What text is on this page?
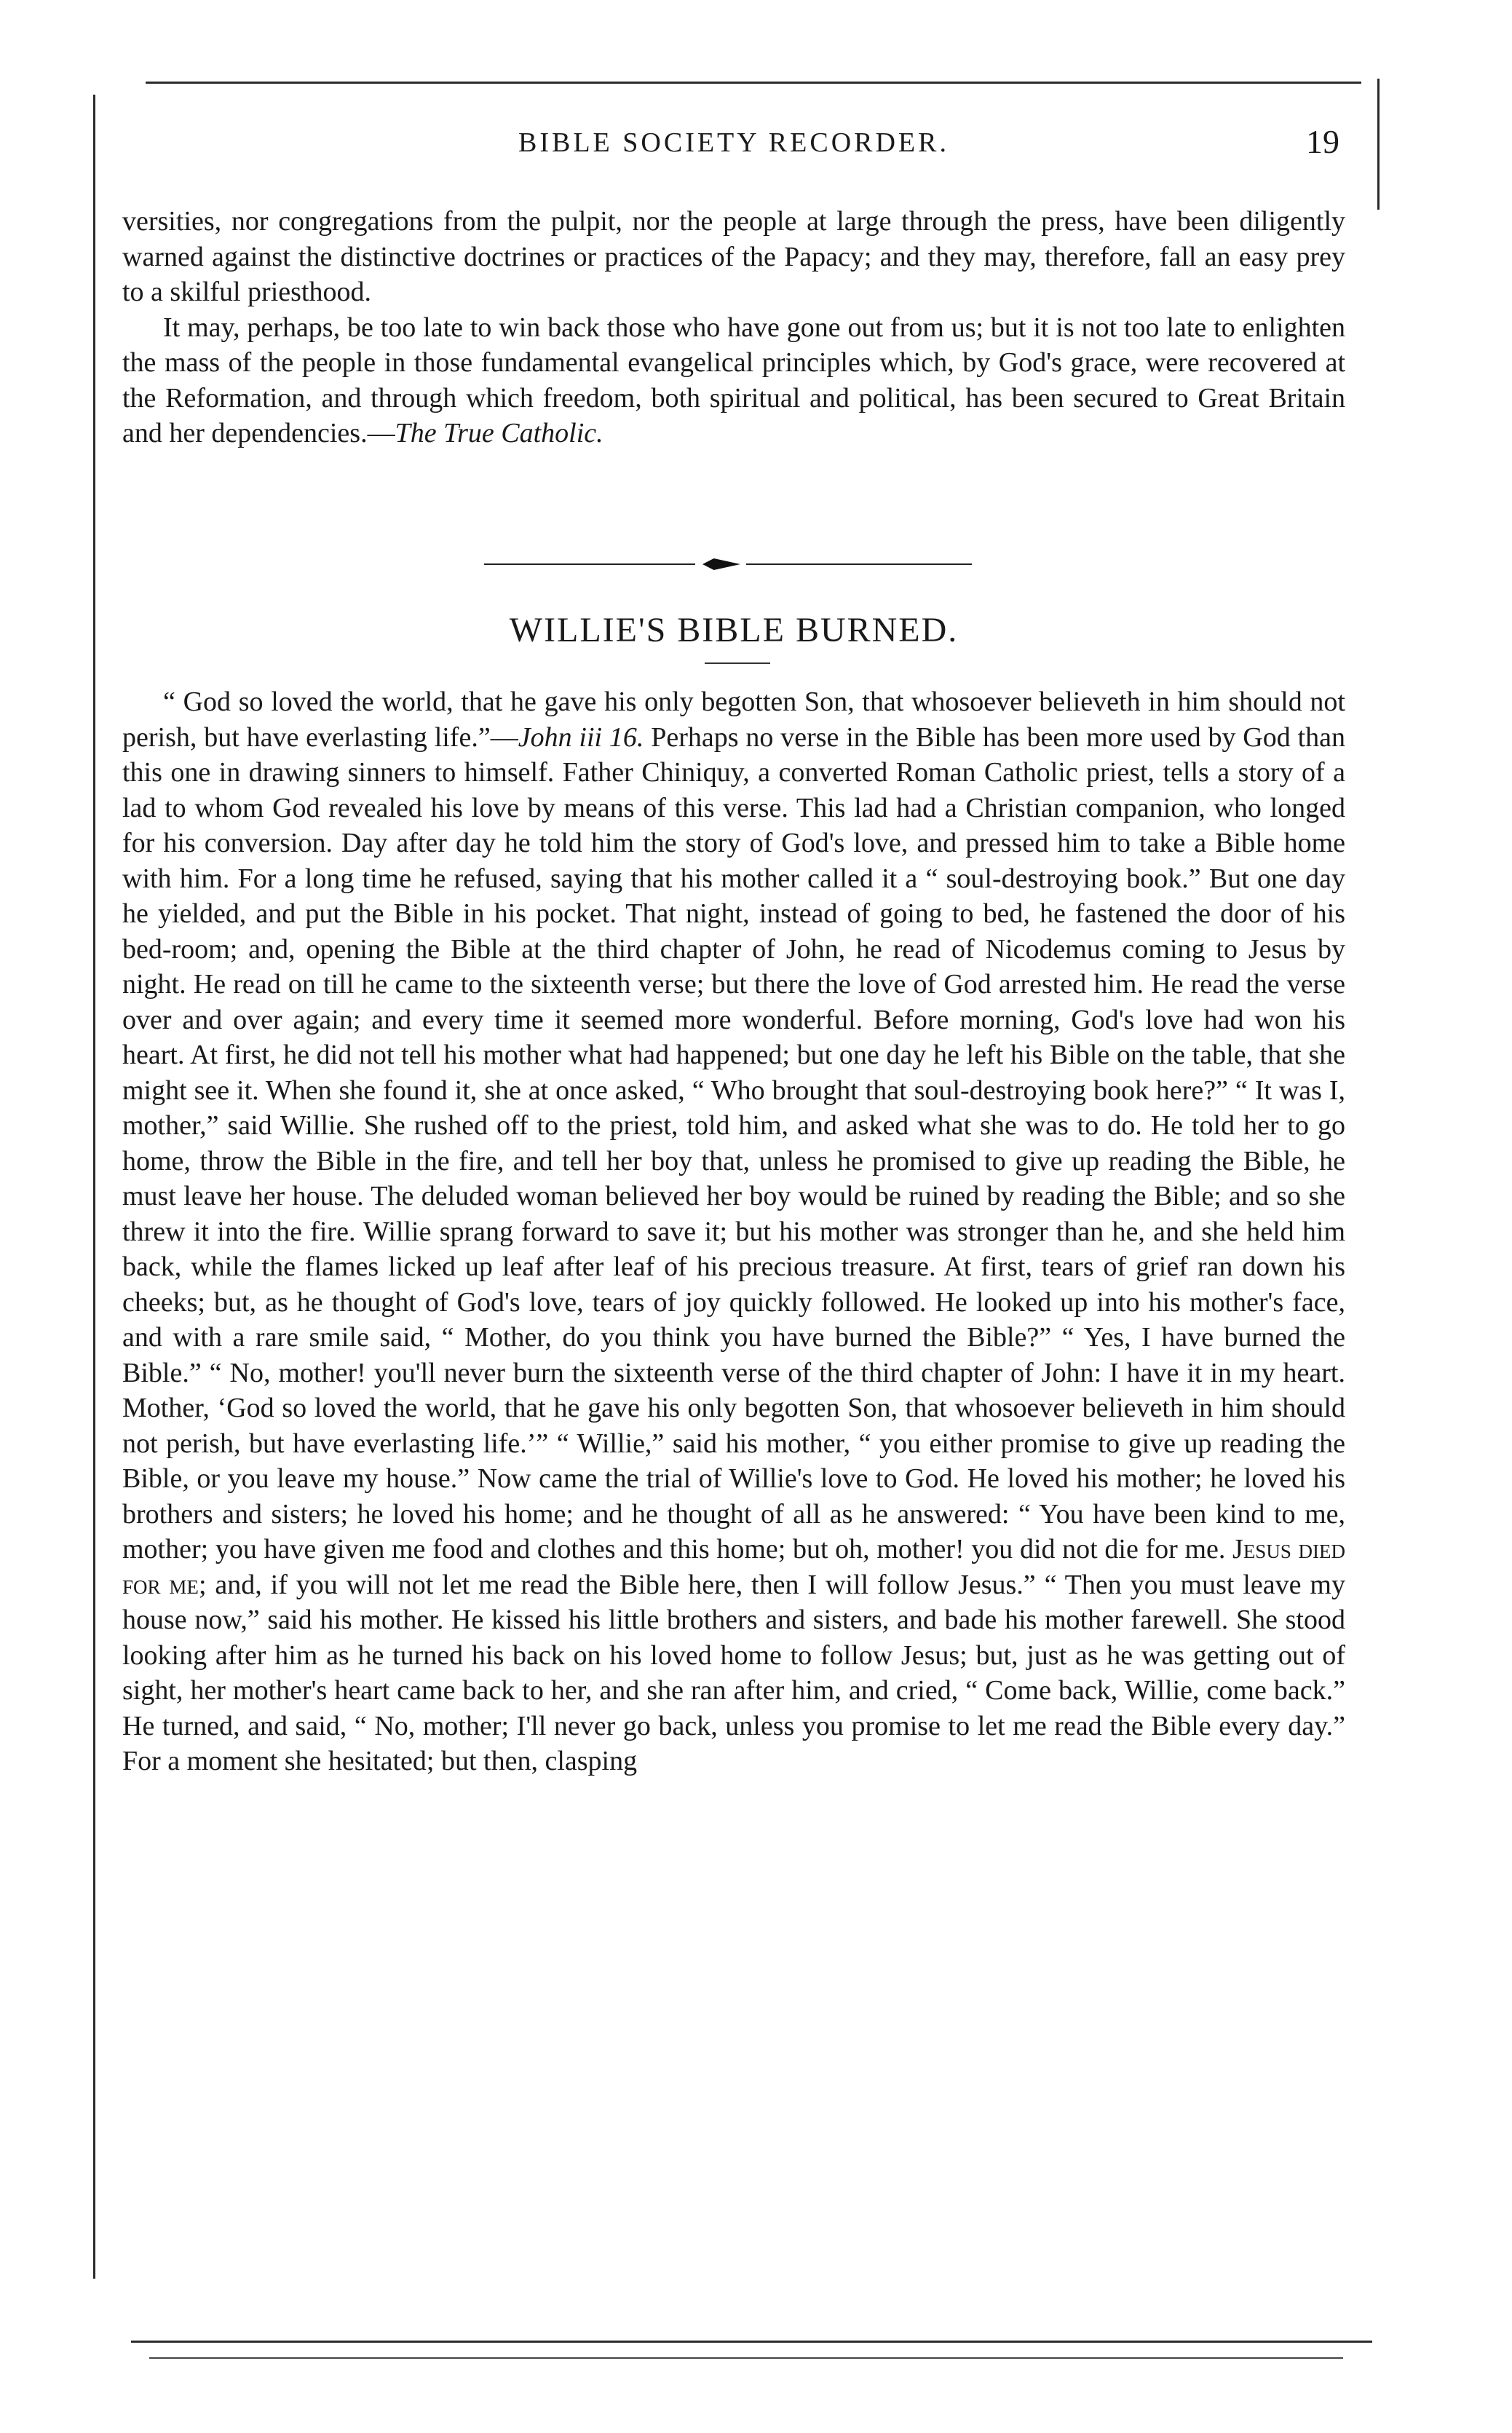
BIBLE SOCIETY RECORDER.	19

versities, nor congregations from the pulpit, nor the people at large through the press, have been diligently warned against the distinctive doctrines or practices of the Papacy; and they may, therefore, fall an easy prey to a skilful priesthood.

It may, perhaps, be too late to win back those who have gone out from us; but it is not too late to enlighten the mass of the people in those fundamental evangelical principles which, by God's grace, were recovered at the Reformation, and through which freedom, both spiritual and political, has been secured to Great Britain and her dependencies.—The True Catholic.

WILLIE'S BIBLE BURNED.

“ God so loved the world, that he gave his only begotten Son, that whosoever believeth in him should not perish, but have everlasting life.”—John iii 16. Perhaps no verse in the Bible has been more used by God than this one in drawing sinners to himself. Father Chiniquy, a converted Roman Catholic priest, tells a story of a lad to whom God revealed his love by means of this verse. This lad had a Christian companion, who longed for his conversion. Day after day he told him the story of God's love, and pressed him to take a Bible home with him. For a long time he refused, saying that his mother called it a “ soul-destroying book.” But one day he yielded, and put the Bible in his pocket. That night, instead of going to bed, he fastened the door of his bed-room; and, opening the Bible at the third chapter of John, he read of Nicodemus coming to Jesus by night. He read on till he came to the sixteenth verse; but there the love of God arrested him. He read the verse over and over again; and every time it seemed more wonderful. Before morning, God's love had won his heart. At first, he did not tell his mother what had happened; but one day he left his Bible on the table, that she might see it. When she found it, she at once asked, “ Who brought that soul-destroying book here?” “ It was I, mother,” said Willie. She rushed off to the priest, told him, and asked what she was to do. He told her to go home, throw the Bible in the fire, and tell her boy that, unless he promised to give up reading the Bible, he must leave her house. The deluded woman believed her boy would be ruined by reading the Bible; and so she threw it into the fire. Willie sprang forward to save it; but his mother was stronger than he, and she held him back, while the flames licked up leaf after leaf of his precious treasure. At first, tears of grief ran down his cheeks; but, as he thought of God's love, tears of joy quickly followed. He looked up into his mother's face, and with a rare smile said, “ Mother, do you think you have burned the Bible?” “ Yes, I have burned the Bible.” “ No, mother! you'll never burn the sixteenth verse of the third chapter of John: I have it in my heart. Mother, ‘God so loved the world, that he gave his only begotten Son, that whosoever believeth in him should not perish, but have everlasting life.’” “ Willie,” said his mother, “ you either promise to give up reading the Bible, or you leave my house.” Now came the trial of Willie's love to God. He loved his mother; he loved his brothers and sisters; he loved his home; and he thought of all as he answered: “ You have been kind to me, mother; you have given me food and clothes and this home; but oh, mother! you did not die for me. Jesus died for me; and, if you will not let me read the Bible here, then I will follow Jesus.” “ Then you must leave my house now,” said his mother. He kissed his little brothers and sisters, and bade his mother farewell. She stood looking after him as he turned his back on his loved home to follow Jesus; but, just as he was getting out of sight, her mother's heart came back to her, and she ran after him, and cried, “ Come back, Willie, come back.” He turned, and said, “ No, mother; I'll never go back, unless you promise to let me read the Bible every day.” For a moment she hesitated; but then, clasping
